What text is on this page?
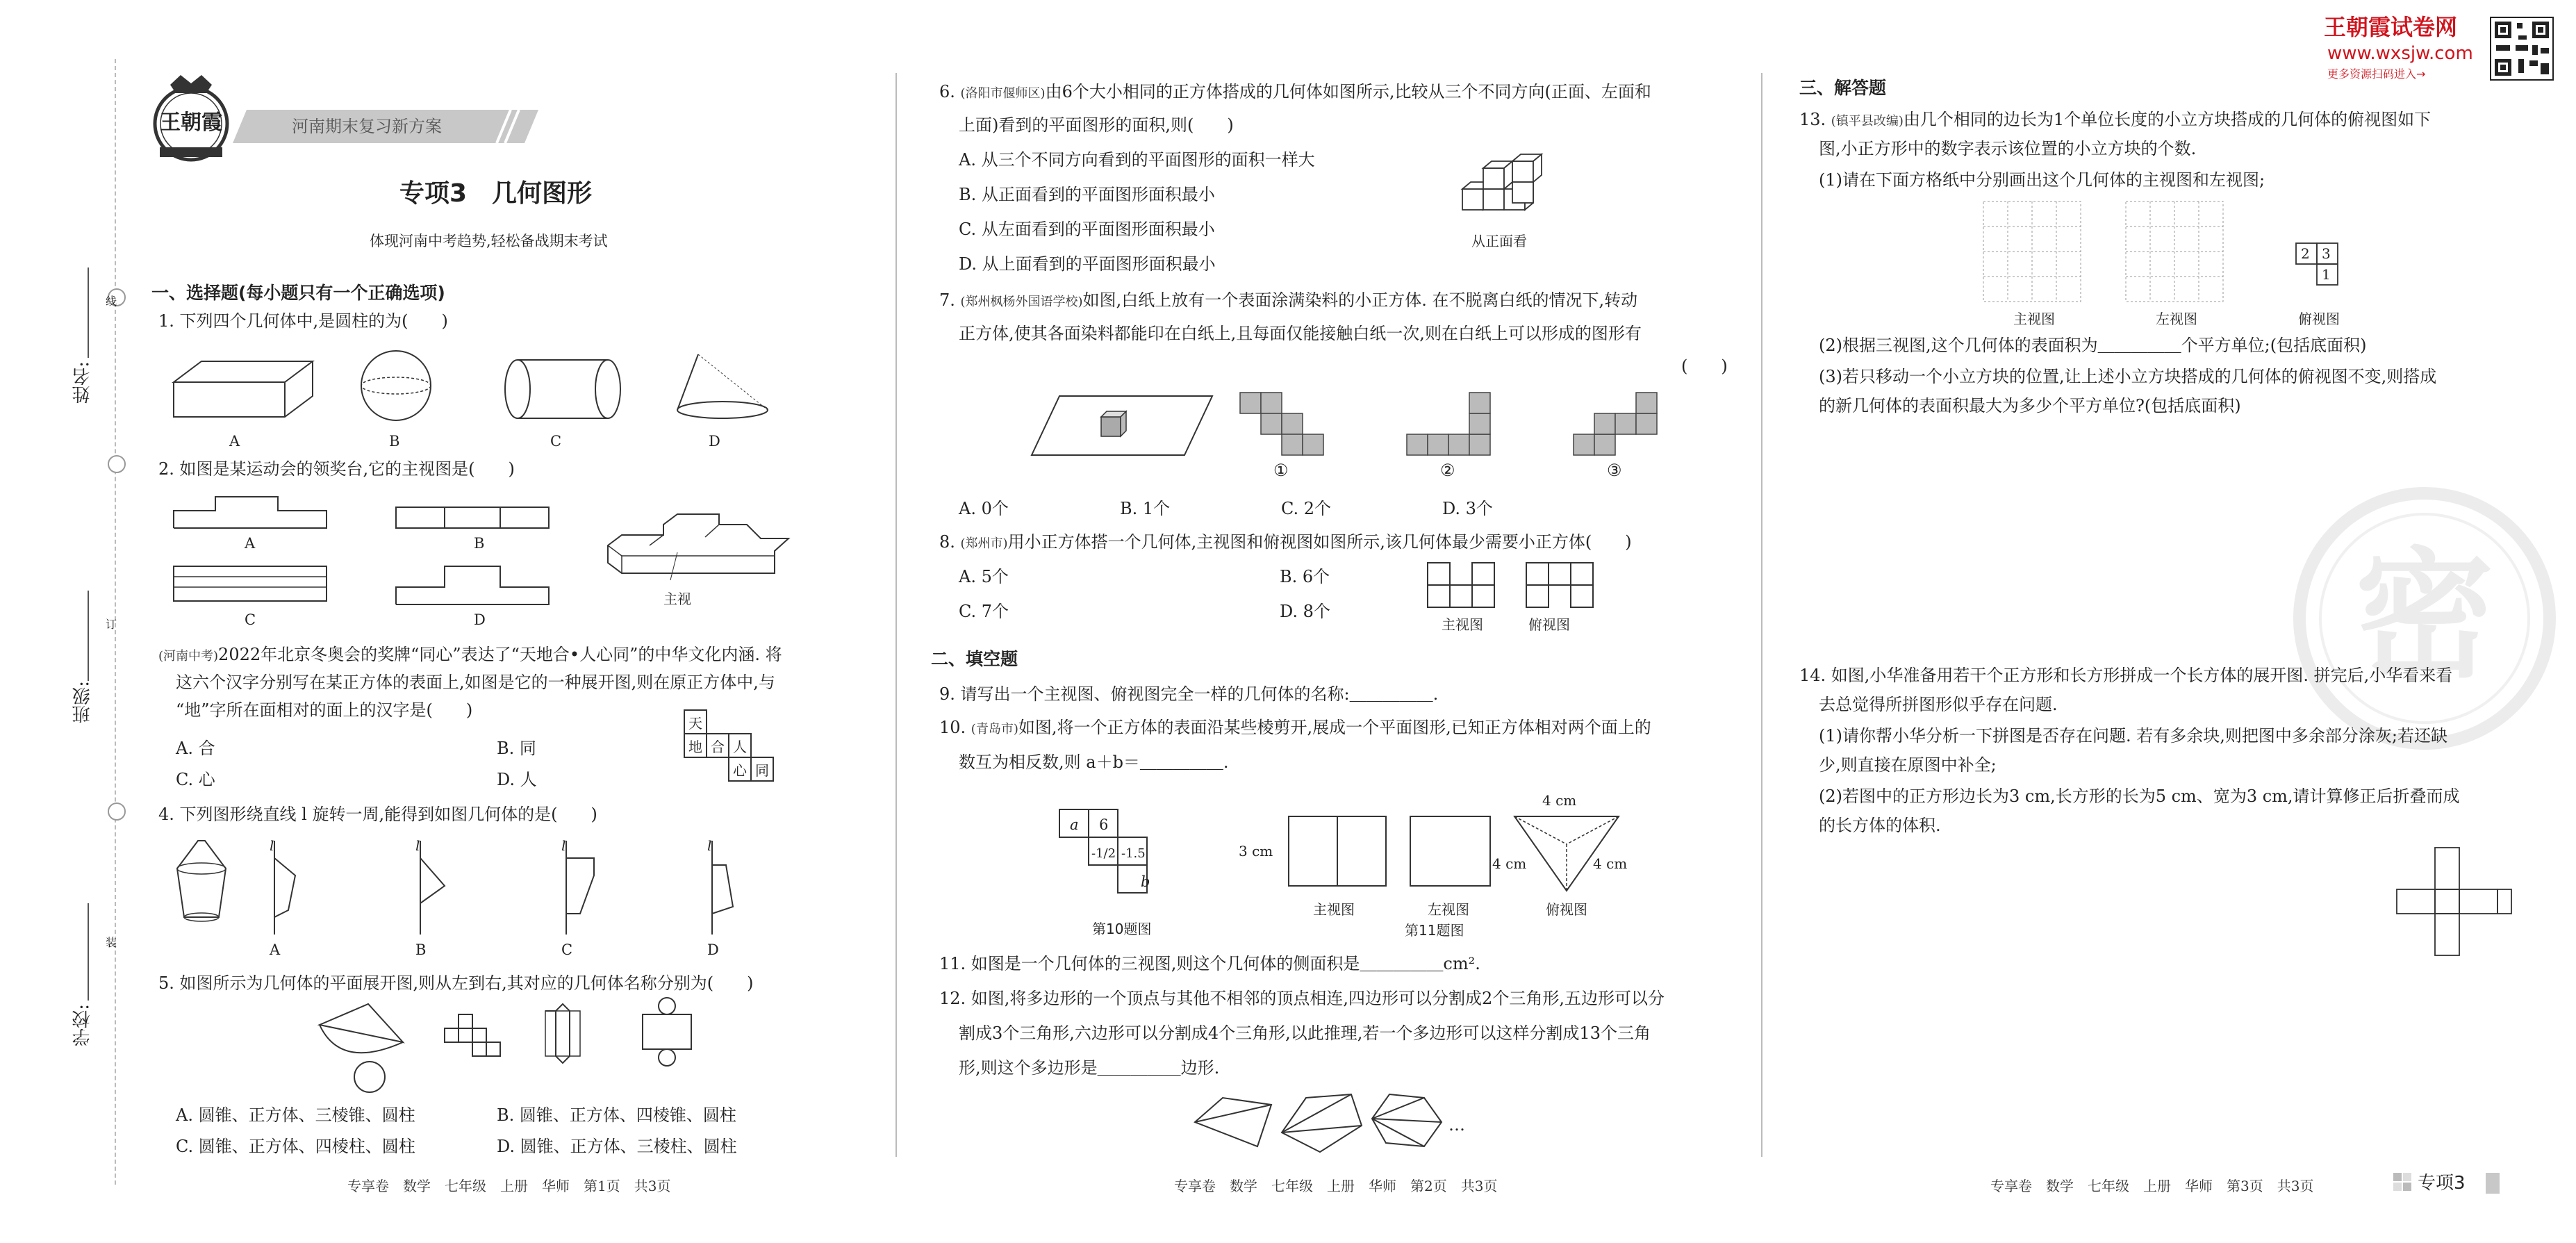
线
订
装
姓名:
班级:
学校:
王朝霞	河南期末复习新方案
专项3　几何图形
体现河南中考趋势,轻松备战期末考试
王朝霞试卷网
www.wxsjw.com
更多资源扫码进入→
密
一、选择题(每小题只有一个正确选项)
1. 下列四个几何体中,是圆柱的为(　　)
A	B	C	D
2. 如图是某运动会的领奖台,它的主视图是(　　)
A	B
C	D
主视
(河南中考)2022年北京冬奥会的奖牌“同心”表达了“天地合•人心同”的中华文化内涵. 将
这六个汉字分别写在某正方体的表面上,如图是它的一种展开图,则在原正方体中,与
“地”字所在面相对的面上的汉字是(　　)
A. 合	B. 同
C. 心	D. 人
天
地 合 人
心 同
4. 下列图形绕直线 l 旋转一周,能得到如图几何体的是(　　)
l	l	l	l
A	B	C	D
5. 如图所示为几何体的平面展开图,则从左到右,其对应的几何体名称分别为(　　)
A. 圆锥、正方体、三棱锥、圆柱	B. 圆锥、正方体、四棱锥、圆柱
C. 圆锥、正方体、四棱柱、圆柱	D. 圆锥、正方体、三棱柱、圆柱
专享卷　数学　七年级　上册　华师　第1页　共3页
6. (洛阳市偃师区)由6个大小相同的正方体搭成的几何体如图所示,比较从三个不同方向(正面、左面和
上面)看到的平面图形的面积,则(　　)
A. 从三个不同方向看到的平面图形的面积一样大
B. 从正面看到的平面图形面积最小
C. 从左面看到的平面图形面积最小
D. 从上面看到的平面图形面积最小
从正面看
7. (郑州枫杨外国语学校)如图,白纸上放有一个表面涂满染料的小正方体. 在不脱离白纸的情况下,转动
正方体,使其各面染料都能印在白纸上,且每面仅能接触白纸一次,则在白纸上可以形成的图形有
(　　)
①	②	③
A. 0个	B. 1个	C. 2个	D. 3个
8. (郑州市)用小正方体搭一个几何体,主视图和俯视图如图所示,该几何体最少需要小正方体(　　)
A. 5个	B. 6个
C. 7个	D. 8个
主视图	俯视图
二、填空题
9. 请写出一个主视图、俯视图完全一样的几何体的名称:＿＿＿＿＿.
10. (青岛市)如图,将一个正方体的表面沿某些棱剪开,展成一个平面图形,已知正方体相对两个面上的
数互为相反数,则 a＋b＝＿＿＿＿＿.
a 6
-1/2 -1.5
b
第10题图
3 cm
4 cm
4 cm	4 cm
主视图	左视图	俯视图
第11题图
11. 如图是一个几何体的三视图,则这个几何体的侧面积是＿＿＿＿＿cm².
12. 如图,将多边形的一个顶点与其他不相邻的顶点相连,四边形可以分割成2个三角形,五边形可以分
割成3个三角形,六边形可以分割成4个三角形,以此推理,若一个多边形可以这样分割成13个三角
形,则这个多边形是＿＿＿＿＿边形.
…
专享卷　数学　七年级　上册　华师　第2页　共3页
三、解答题
13. (镇平县改编)由几个相同的边长为1个单位长度的小立方块搭成的几何体的俯视图如下
图,小正方形中的数字表示该位置的小立方块的个数.
(1)请在下面方格纸中分别画出这个几何体的主视图和左视图;
2 3
1
主视图	左视图	俯视图
(2)根据三视图,这个几何体的表面积为＿＿＿＿＿个平方单位;(包括底面积)
(3)若只移动一个小立方块的位置,让上述小立方块搭成的几何体的俯视图不变,则搭成
的新几何体的表面积最大为多少个平方单位?(包括底面积)
14. 如图,小华准备用若干个正方形和长方形拼成一个长方体的展开图. 拼完后,小华看来看
去总觉得所拼图形似乎存在问题.
(1)请你帮小华分析一下拼图是否存在问题. 若有多余块,则把图中多余部分涂灰;若还缺
少,则直接在原图中补全;
(2)若图中的正方形边长为3 cm,长方形的长为5 cm、宽为3 cm,请计算修正后折叠而成
的长方体的体积.
专享卷　数学　七年级　上册　华师　第3页　共3页	专项3
